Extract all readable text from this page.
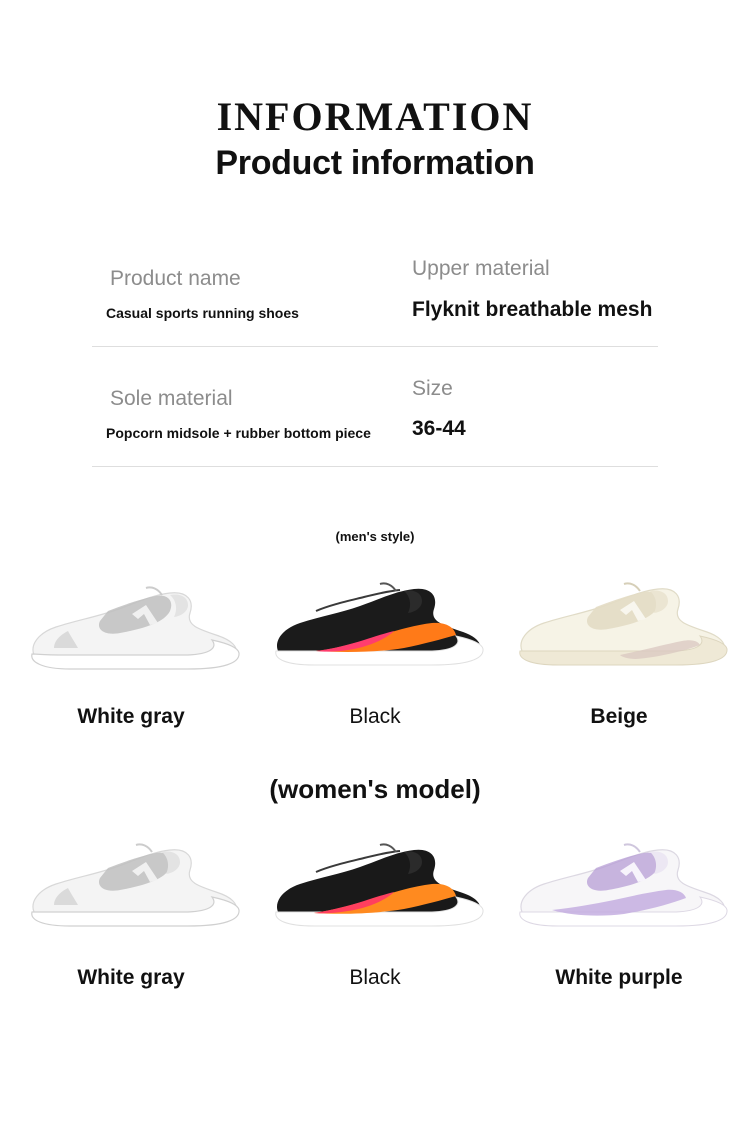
INFORMATION
Product information
Product name
Casual sports running shoes
Upper material
Flyknit breathable mesh
Sole material
Popcorn midsole + rubber bottom piece
Size
36-44
(men's style)
White gray	Black	Beige
(women's model)
White gray	Black	White purple
